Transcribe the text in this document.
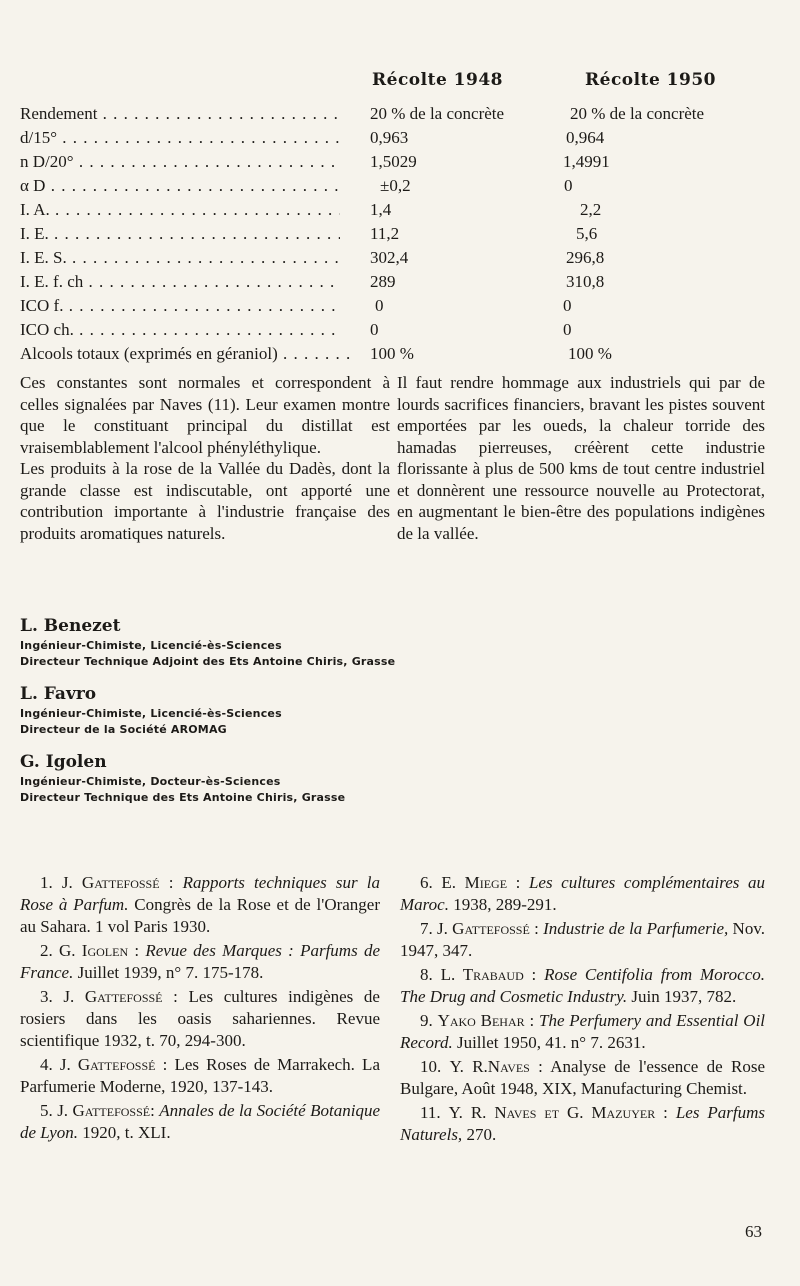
Récolte 1948	Récolte 1950
Rendement . . .	20 % de la concrète	20 % de la concrète
d/15° . . .	0,963	0,964
n D/20° . . .	1,5029	1,4991
α D . . .	±0,2	0
I. A. . . .	1,4	2,2
I. E. . . .	11,2	5,6
I. E. S. . . .	302,4	296,8
I. E. f. ch . . .	289	310,8
ICO f. . . .	0	0
ICO ch. . . .	0	0
Alcools totaux (exprimés en géraniol) . . .	100 %	100 %

Ces constantes sont normales et correspondent à celles signalées par Naves (11). Leur examen montre que le constituant principal du distillat est vraisemblablement l'alcool phényléthylique.

Les produits à la rose de la Vallée du Dadès, dont la grande classe est indiscutable, ont apporté une contribution importante à l'industrie française des produits aromatiques naturels.

Il faut rendre hommage aux industriels qui par de lourds sacrifices financiers, bravant les pistes souvent emportées par les oueds, la chaleur torride des hamadas pierreuses, créèrent cette industrie florissante à plus de 500 kms de tout centre industriel et donnèrent une ressource nouvelle au Protectorat, en augmentant le bien-être des populations indigènes de la vallée.

L. Benezet
Ingénieur-Chimiste, Licencié-ès-Sciences
Directeur Technique Adjoint des Ets Antoine Chiris, Grasse
L. Favro
Ingénieur-Chimiste, Licencié-ès-Sciences
Directeur de la Société AROMAG
G. Igolen
Ingénieur-Chimiste, Docteur-ès-Sciences
Directeur Technique des Ets Antoine Chiris, Grasse

1. J. Gattefossé : Rapports techniques sur la Rose à Parfum. Congrès de la Rose et de l'Oranger au Sahara. 1 vol Paris 1930.

2. G. Igolen : Revue des Marques : Parfums de France. Juillet 1939, n° 7. 175-178.

3. J. Gattefossé : Les cultures indigènes de rosiers dans les oasis sahariennes. Revue scientifique 1932, t. 70, 294-300.

4. J. Gattefossé : Les Roses de Marrakech. La Parfumerie Moderne, 1920, 137-143.

5. J. Gattefossé: Annales de la Société Botanique de Lyon. 1920, t. XLI.

6. E. Miege : Les cultures complémentaires au Maroc. 1938, 289-291.

7. J. Gattefossé : Industrie de la Parfumerie, Nov. 1947, 347.

8. L. Trabaud : Rose Centifolia from Morocco. The Drug and Cosmetic Industry. Juin 1937, 782.

9. Yako Behar : The Perfumery and Essential Oil Record. Juillet 1950, 41. n° 7. 2631.

10. Y. R.Naves : Analyse de l'essence de Rose Bulgare, Août 1948, XIX, Manufacturing Chemist.

11. Y. R. Naves et G. Mazuyer : Les Parfums Naturels, 270.

63
